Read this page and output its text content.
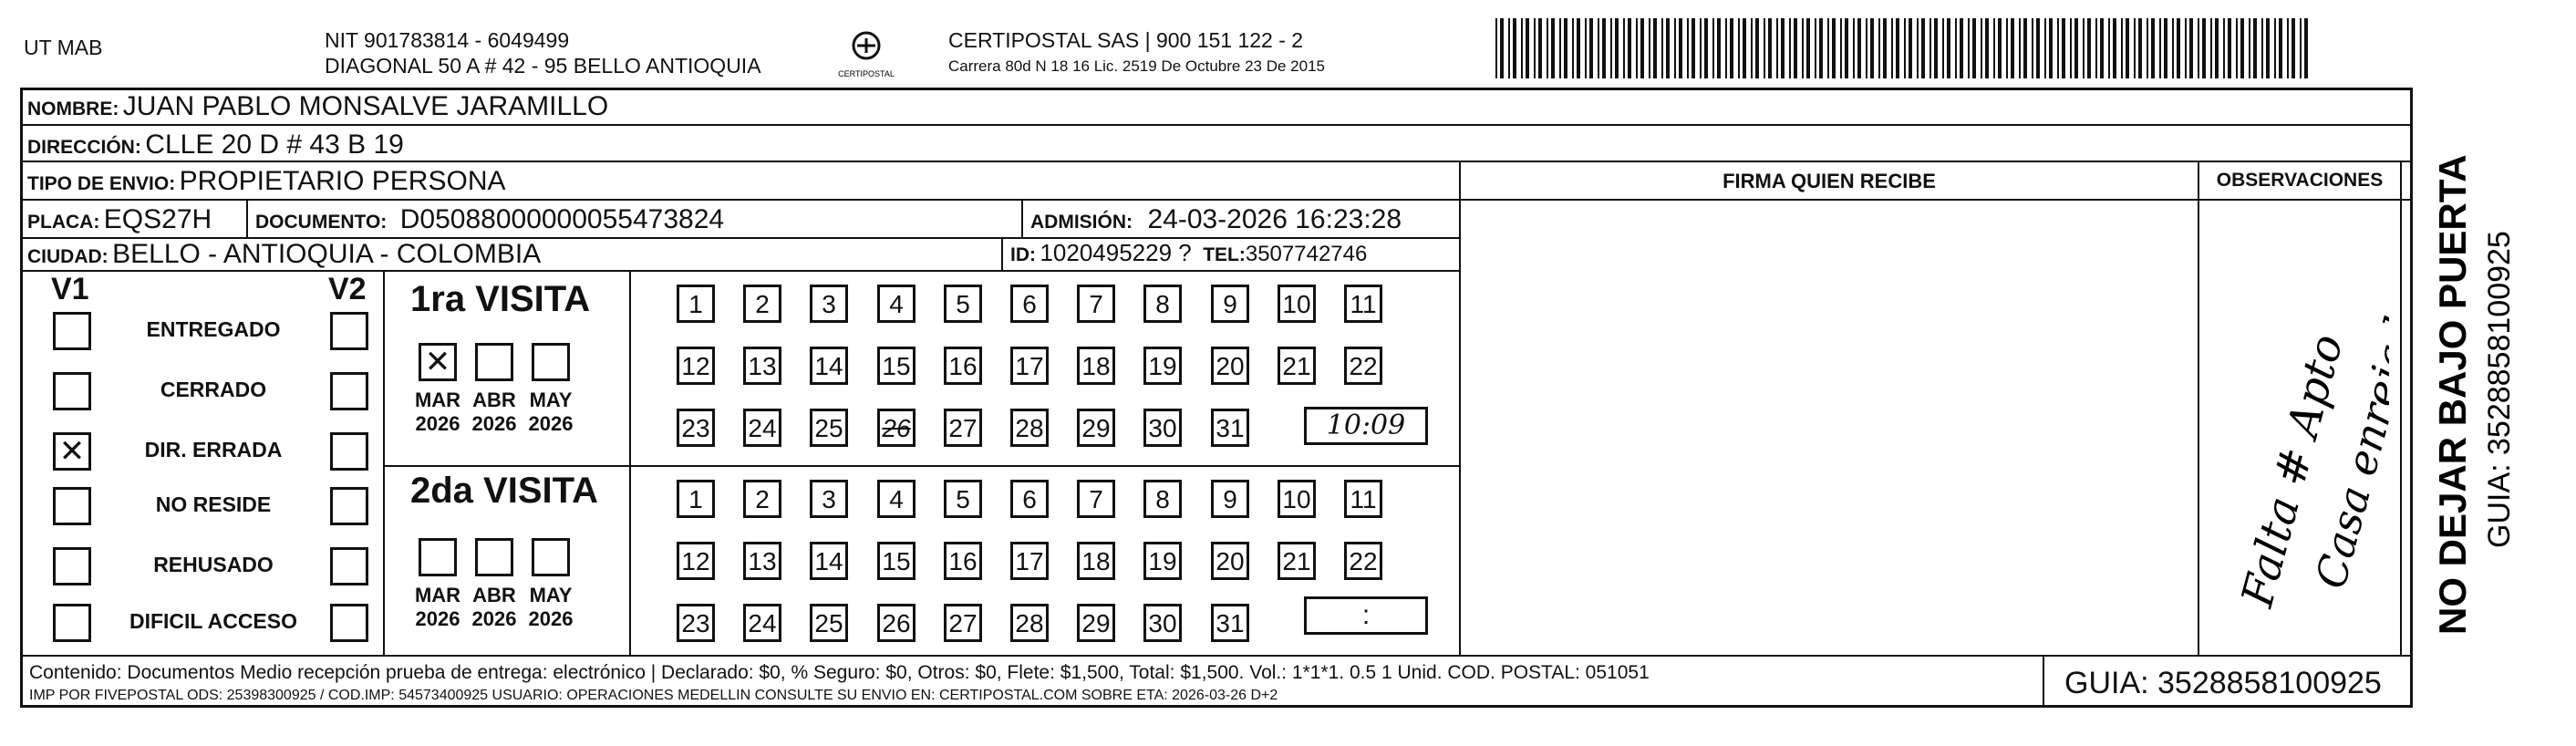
UT MAB	NIT 901783814 - 6049499
DIAGONAL 50 A # 42 - 95 BELLO ANTIOQUIA	CERTIPOSTAL
CERTIPOSTAL SAS | 900 151 122 - 2
Carrera 80d N 18 16 Lic. 2519 De Octubre 23 De 2015
NOMBRE: JUAN PABLO MONSALVE JARAMILLO
DIRECCIÓN: CLLE 20 D # 43 B 19
TIPO DE ENVIO: PROPIETARIO PERSONA
PLACA: EQS27H DOCUMENTO: D05088000000055473824	ADMISIÓN: 24-03-2026 16:23:28
CIUDAD: BELLO - ANTIOQUIA - COLOMBIA	ID: 1020495229 ? TEL:3507742746
FIRMA QUIEN RECIBE	OBSERVACIONES
Falta # Apto
Casa enrejada
V1	V2
ENTREGADO
CERRADO
✕	DIR. ERRADA
NO RESIDE
REHUSADO
DIFICIL ACCESO
1ra VISITA
✕
MAR
2026
ABR
2026
MAY
2026
1	2	3	4	5	6	7	8	9	10 11
12 13 14 15 16 17 18 19 20 21 22
23 24 25 26 27 28 29 30 31	10:09
2da VISITA
MAR
2026
ABR
2026
MAY
2026
1	2	3	4	5	6	7	8	9	10 11
12 13 14 15 16 17 18 19 20 21 22
23 24 25 26 27 28 29 30 31	:
Contenido: Documentos Medio recepción prueba de entrega: electrónico | Declarado: $0, % Seguro: $0, Otros: $0, Flete: $1,500, Total: $1,500. Vol.: 1*1*1. 0.5 1 Unid. COD. POSTAL: 051051
IMP POR FIVEPOSTAL ODS: 25398300925 / COD.IMP: 54573400925 USUARIO: OPERACIONES MEDELLIN CONSULTE SU ENVIO EN: CERTIPOSTAL.COM SOBRE ETA: 2026-03-26 D+2	GUIA: 3528858100925
NO DEJAR BAJO PUERTA GUIA: 3528858100925
